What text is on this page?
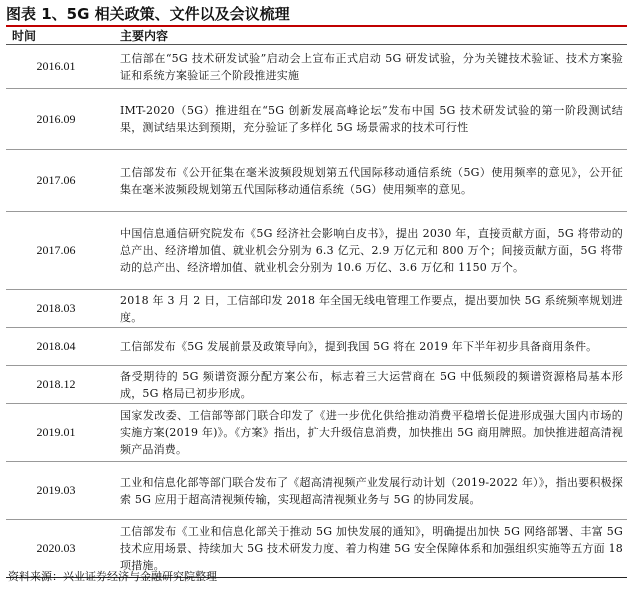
图表 1、5G 相关政策、文件以及会议梳理
时间	主要内容
2016.01	工信部在“5G 技术研发试验”启动会上宣布正式启动 5G 研发试验，分为关键技术验证、技术方案验证和系统方案验证三个阶段推进实施
2016.09	IMT-2020（5G）推进组在“5G 创新发展高峰论坛”发布中国 5G 技术研发试验的第一阶段测试结果，测试结果达到预期，充分验证了多样化 5G 场景需求的技术可行性
2017.06	工信部发布《公开征集在毫米波频段规划第五代国际移动通信系统（5G）使用频率的意见》，公开征集在毫米波频段规划第五代国际移动通信系统（5G）使用频率的意见。
2017.06	中国信息通信研究院发布《5G 经济社会影响白皮书》，提出 2030 年，直接贡献方面，5G 将带动的总产出、经济增加值、就业机会分别为 6.3 亿元、2.9 万亿元和 800 万个；间接贡献方面，5G 将带动的总产出、经济增加值、就业机会分别为 10.6 万亿、3.6 万亿和 1150 万个。
2018.03	2018 年 3 月 2 日，工信部印发 2018 年全国无线电管理工作要点，提出要加快 5G 系统频率规划进度。
2018.04	工信部发布《5G 发展前景及政策导向》，提到我国 5G 将在 2019 年下半年初步具备商用条件。
2018.12	备受期待的 5G 频谱资源分配方案公布，标志着三大运营商在 5G 中低频段的频谱资源格局基本形成，5G 格局已初步形成。
2019.01	国家发改委、工信部等部门联合印发了《进一步优化供给推动消费平稳增长促进形成强大国内市场的实施方案(2019 年)》。《方案》指出，扩大升级信息消费，加快推出 5G 商用牌照。加快推进超高清视频产品消费。
2019.03	工业和信息化部等部门联合发布了《超高清视频产业发展行动计划（2019-2022 年）》，指出要积极探索 5G 应用于超高清视频传输，实现超高清视频业务与 5G 的协同发展。
2020.03	工信部发布《工业和信息化部关于推动 5G 加快发展的通知》，明确提出加快 5G 网络部署、丰富 5G 技术应用场景、持续加大 5G 技术研发力度、着力构建 5G 安全保障体系和加强组织实施等五方面 18 项措施。
资料来源：兴业证券经济与金融研究院整理
